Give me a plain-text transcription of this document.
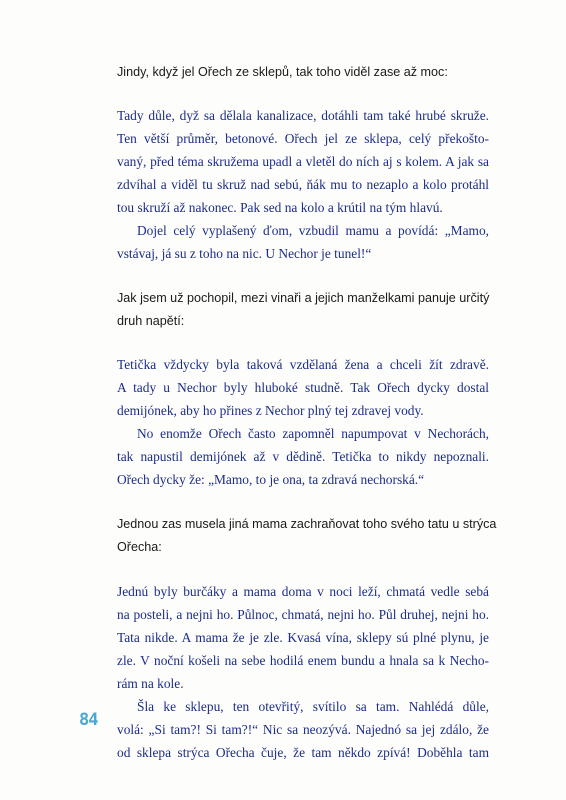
Jindy, když jel Ořech ze sklepů, tak toho viděl zase až moc:

Tady důle, dyž sa dělala kanalizace, dotáhli tam také hrubé skruže.

Ten větší průměr, betonové. Ořech jel ze sklepa, celý překošto-

vaný, před téma skružema upadl a vletěl do ních aj s kolem. A jak sa

zdvíhal a viděl tu skruž nad sebú, ňák mu to nezaplo a kolo protáhl

tou skruží až nakonec. Pak sed na kolo a krútil na tým hlavú.

Dojel celý vyplašený ďom, vzbudil mamu a povídá: „Mamo,

vstávaj, já su z toho na nic. U Nechor je tunel!“

Jak jsem už pochopil, mezi vinaři a jejich manželkami panuje určitý

druh napětí:

Tetička vždycky byla taková vzdělaná žena a chceli žít zdravě.

A tady u Nechor byly hluboké studně. Tak Ořech dycky dostal

demijónek, aby ho přines z Nechor plný tej zdravej vody.

No enomže Ořech často zapomněl napumpovat v Nechorách,

tak napustil demijónek až v dědině. Tetička to nikdy nepoznali.

Ořech dycky že: „Mamo, to je ona, ta zdravá nechorská.“

Jednou zas musela jiná mama zachraňovat toho svého tatu u strýca

Ořecha:

Jednú byly burčáky a mama doma v noci leží, chmatá vedle sebá

na posteli, a nejni ho. Půlnoc, chmatá, nejni ho. Půl druhej, nejni ho.

Tata nikde. A mama že je zle. Kvasá vína, sklepy sú plné plynu, je

zle. V noční košeli na sebe hodilá enem bundu a hnala sa k Necho-

rám na kole.

Šla ke sklepu, ten otevřitý, svítilo sa tam. Nahlédá důle,

volá: „Si tam?! Si tam?!“ Nic sa neozývá. Najednó sa jej zdálo, že

od sklepa strýca Ořecha čuje, že tam někdo zpívá! Doběhla tam

84
